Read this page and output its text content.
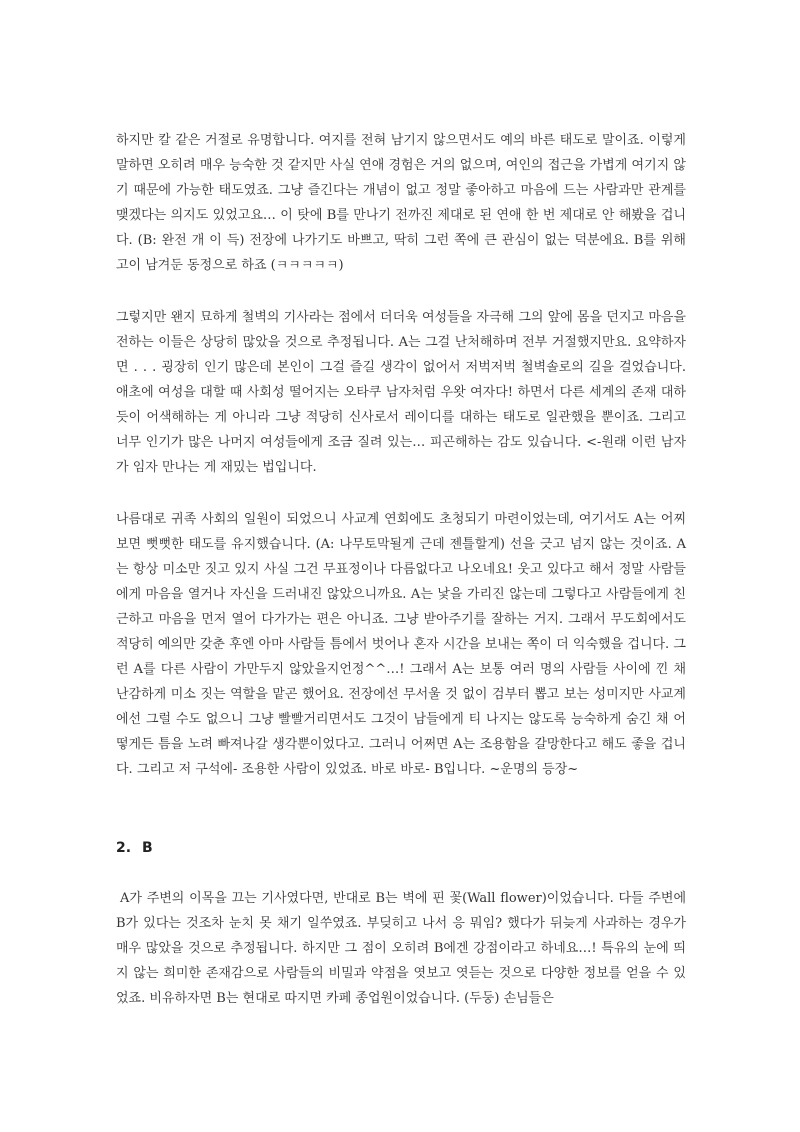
하지만 칼 같은 거절로 유명합니다. 여지를 전혀 남기지 않으면서도 예의 바른 태도로 말이죠. 이렇게 말하면 오히려 매우 능숙한 것 같지만 사실 연애 경험은 거의 없으며, 여인의 접근을 가볍게 여기지 않기 때문에 가능한 태도였죠. 그냥 즐긴다는 개념이 없고 정말 좋아하고 마음에 드는 사람과만 관계를 맺겠다는 의지도 있었고요… 이 탓에 B를 만나기 전까진 제대로 된 연애 한 번 제대로 안 해봤을 겁니다. (B: 완전 개 이 득) 전장에 나가기도 바쁘고, 딱히 그런 쪽에 큰 관심이 없는 덕분에요. B를 위해 고이 남겨둔 동정으로 하죠 (ㅋㅋㅋㅋㅋ)

그렇지만 왠지 묘하게 철벽의 기사라는 점에서 더더욱 여성들을 자극해 그의 앞에 몸을 던지고 마음을 전하는 이들은 상당히 많았을 것으로 추정됩니다. A는 그걸 난처해하며 전부 거절했지만요. 요약하자면 . . . 굉장히 인기 많은데 본인이 그걸 즐길 생각이 없어서 저벅저벅 철벽솔로의 길을 걸었습니다. 애초에 여성을 대할 때 사회성 떨어지는 오타쿠 남자처럼 우왓 여자다! 하면서 다른 세계의 존재 대하듯이 어색해하는 게 아니라 그냥 적당히 신사로서 레이디를 대하는 태도로 일관했을 뿐이죠. 그리고 너무 인기가 많은 나머지 여성들에게 조금 질려 있는… 피곤해하는 감도 있습니다. <-원래 이런 남자가 임자 만나는 게 재밌는 법입니다.

나름대로 귀족 사회의 일원이 되었으니 사교계 연회에도 초청되기 마련이었는데, 여기서도 A는 어찌 보면 뻣뻣한 태도를 유지했습니다. (A: 나무토막될게 근데 젠틀할게) 선을 긋고 넘지 않는 것이죠. A는 항상 미소만 짓고 있지 사실 그건 무표정이나 다름없다고 나오네요! 웃고 있다고 해서 정말 사람들에게 마음을 열거나 자신을 드러내진 않았으니까요. A는 낯을 가리진 않는데 그렇다고 사람들에게 친근하고 마음을 먼저 열어 다가가는 편은 아니죠. 그냥 받아주기를 잘하는 거지. 그래서 무도회에서도 적당히 예의만 갖춘 후엔 아마 사람들 틈에서 벗어나 혼자 시간을 보내는 쪽이 더 익숙했을 겁니다. 그런 A를 다른 사람이 가만두지 않았을지언정^^…! 그래서 A는 보통 여러 명의 사람들 사이에 낀 채 난감하게 미소 짓는 역할을 맡곤 했어요. 전장에선 무서울 것 없이 검부터 뽑고 보는 성미지만 사교계에선 그럴 수도 없으니 그냥 빨빨거리면서도 그것이 남들에게 티 나지는 않도록 능숙하게 숨긴 채 어떻게든 틈을 노려 빠져나갈 생각뿐이었다고. 그러니 어쩌면 A는 조용함을 갈망한다고 해도 좋을 겁니다. 그리고 저 구석에- 조용한 사람이 있었죠. 바로 바로- B입니다. ~운명의 등장~

2. B

A가 주변의 이목을 끄는 기사였다면, 반대로 B는 벽에 핀 꽃(Wall flower)이었습니다. 다들 주변에 B가 있다는 것조차 눈치 못 채기 일쑤였죠. 부딪히고 나서 응 뭐임? 했다가 뒤늦게 사과하는 경우가 매우 많았을 것으로 추정됩니다. 하지만 그 점이 오히려 B에겐 강점이라고 하네요…! 특유의 눈에 띄지 않는 희미한 존재감으로 사람들의 비밀과 약점을 엿보고 엿듣는 것으로 다양한 정보를 얻을 수 있었죠. 비유하자면 B는 현대로 따지면 카페 종업원이었습니다. (두둥) 손님들은
